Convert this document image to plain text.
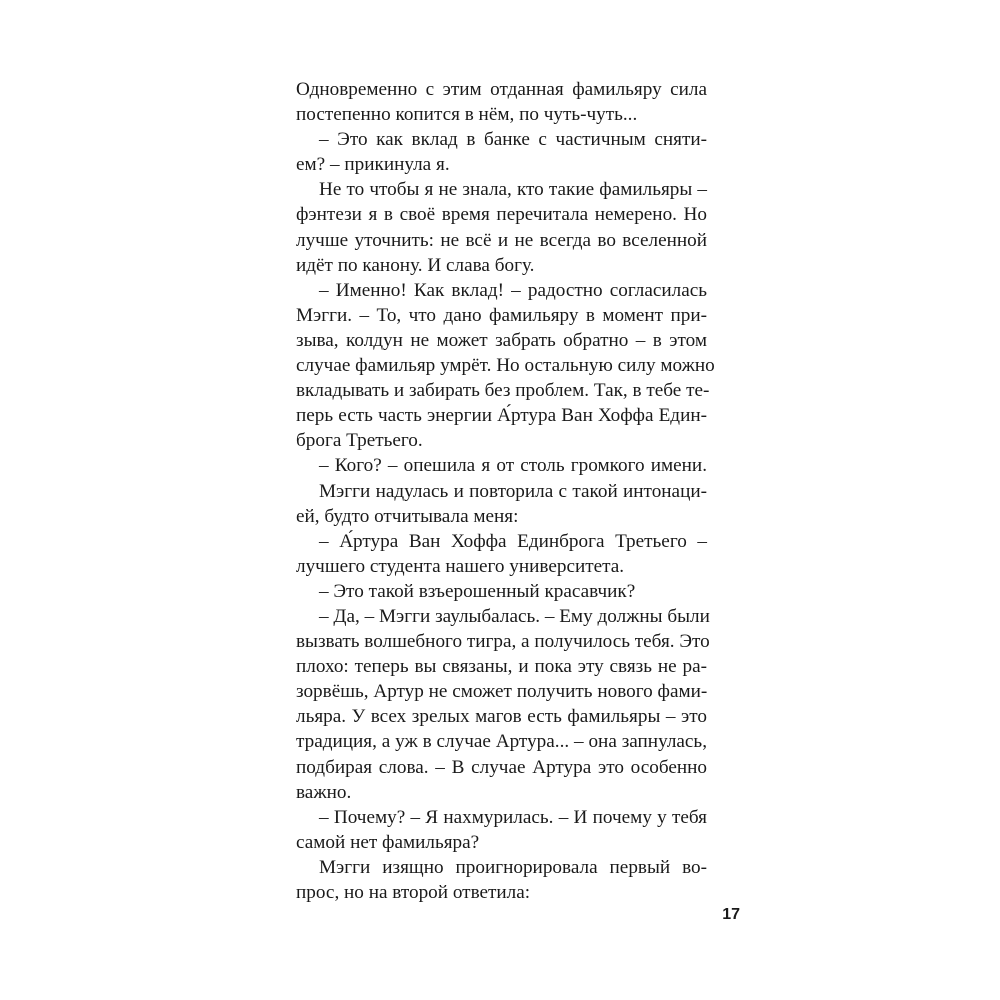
Одновременно с этим отданная фамильяру сила
постепенно копится в нём, по чуть-чуть...
– Это как вклад в банке с частичным сняти-
ем? – прикинула я.
Не то чтобы я не знала, кто такие фамильяры –
фэнтези я в своё время перечитала немерено. Но
лучше уточнить: не всё и не всегда во вселенной
идёт по канону. И слава богу.
– Именно! Как вклад! – радостно согласилась
Мэгги. – То, что дано фамильяру в момент при-
зыва, колдун не может забрать обратно – в этом
случае фамильяр умрёт. Но остальную силу можно
вкладывать и забирать без проблем. Так, в тебе те-
перь есть часть энергии А́ртура Ван Хоффа Един-
брога Третьего.
– Кого? – опешила я от столь громкого имени.
Мэгги надулась и повторила с такой интонаци-
ей, будто отчитывала меня:
– А́ртура Ван Хоффа Единброга Третьего –
лучшего студента нашего университета.
– Это такой взъерошенный красавчик?
– Да, – Мэгги заулыбалась. – Ему должны были
вызвать волшебного тигра, а получилось тебя. Это
плохо: теперь вы связаны, и пока эту связь не ра-
зорвёшь, Артур не сможет получить нового фами-
льяра. У всех зрелых магов есть фамильяры – это
традиция, а уж в случае Артура... – она запнулась,
подбирая слова. – В случае Артура это особенно
важно.
– Почему? – Я нахмурилась. – И почему у тебя
самой нет фамильяра?
Мэгги изящно проигнорировала первый во-
прос, но на второй ответила:
17
